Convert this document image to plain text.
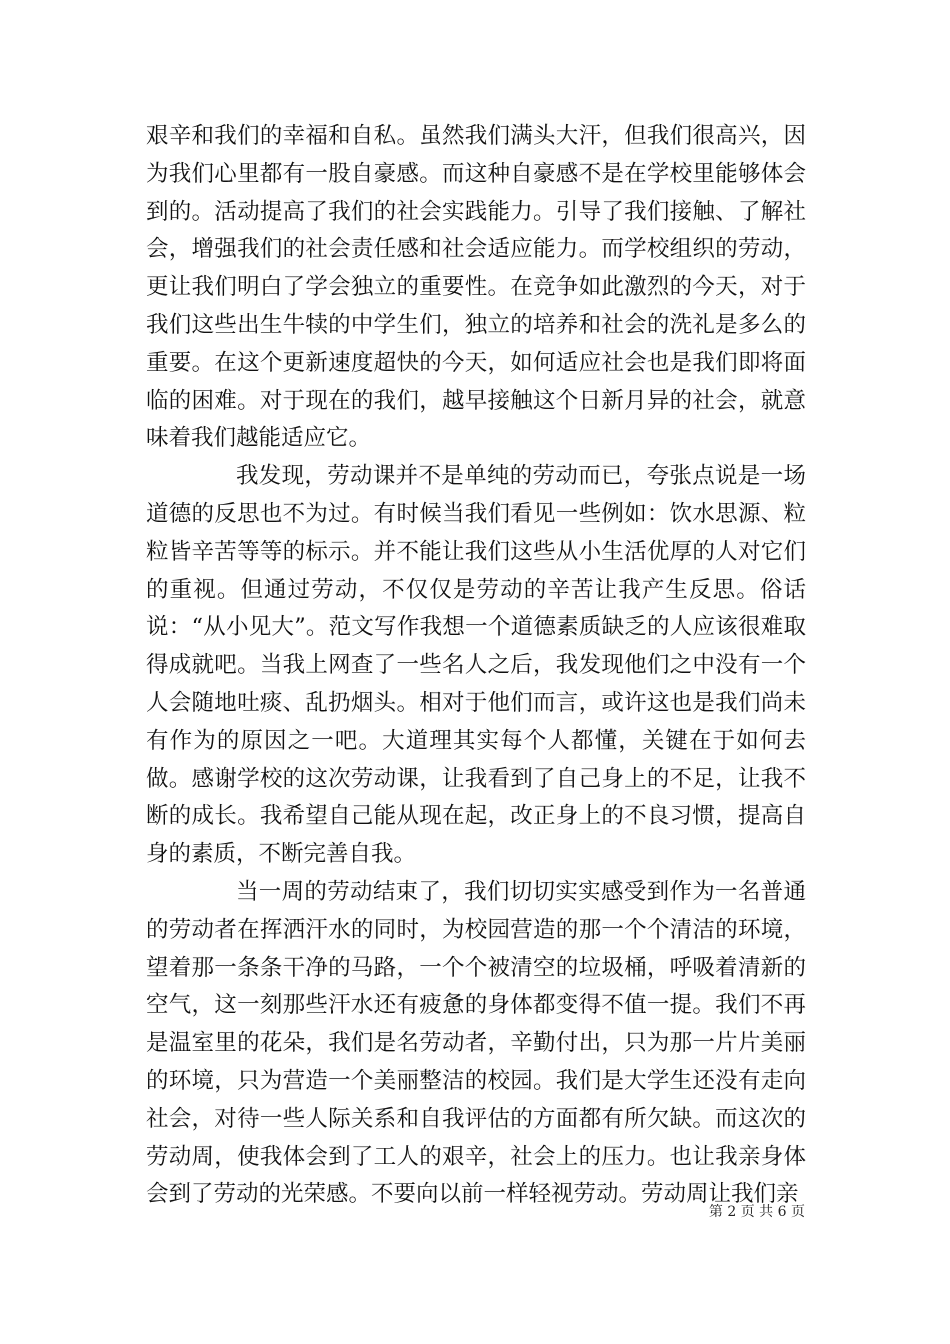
艰辛和我们的幸福和自私。虽然我们满头大汗，但我们很高兴，因为我们心里都有一股自豪感。而这种自豪感不是在学校里能够体会到的。活动提高了我们的社会实践能力。引导了我们接触、了解社会，增强我们的社会责任感和社会适应能力。而学校组织的劳动，更让我们明白了学会独立的重要性。在竞争如此激烈的今天，对于我们这些出生牛犊的中学生们，独立的培养和社会的洗礼是多么的重要。在这个更新速度超快的今天，如何适应社会也是我们即将面临的困难。对于现在的我们，越早接触这个日新月异的社会，就意味着我们越能适应它。

我发现，劳动课并不是单纯的劳动而已，夸张点说是一场道德的反思也不为过。有时候当我们看见一些例如：饮水思源、粒粒皆辛苦等等的标示。并不能让我们这些从小生活优厚的人对它们的重视。但通过劳动，不仅仅是劳动的辛苦让我产生反思。俗话说：“从小见大”。范文写作我想一个道德素质缺乏的人应该很难取得成就吧。当我上网查了一些名人之后，我发现他们之中没有一个人会随地吐痰、乱扔烟头。相对于他们而言，或许这也是我们尚未有作为的原因之一吧。大道理其实每个人都懂，关键在于如何去做。感谢学校的这次劳动课，让我看到了自己身上的不足，让我不断的成长。我希望自己能从现在起，改正身上的不良习惯，提高自身的素质，不断完善自我。

当一周的劳动结束了，我们切切实实感受到作为一名普通的劳动者在挥洒汗水的同时，为校园营造的那一个个清洁的环境，望着那一条条干净的马路，一个个被清空的垃圾桶，呼吸着清新的空气，这一刻那些汗水还有疲惫的身体都变得不值一提。我们不再是温室里的花朵，我们是名劳动者，辛勤付出，只为那一片片美丽的环境，只为营造一个美丽整洁的校园。我们是大学生还没有走向社会，对待一些人际关系和自我评估的方面都有所欠缺。而这次的劳动周，使我体会到了工人的艰辛，社会上的压力。也让我亲身体会到了劳动的光荣感。不要向以前一样轻视劳动。劳动周让我们亲

第 2 页 共 6 页
